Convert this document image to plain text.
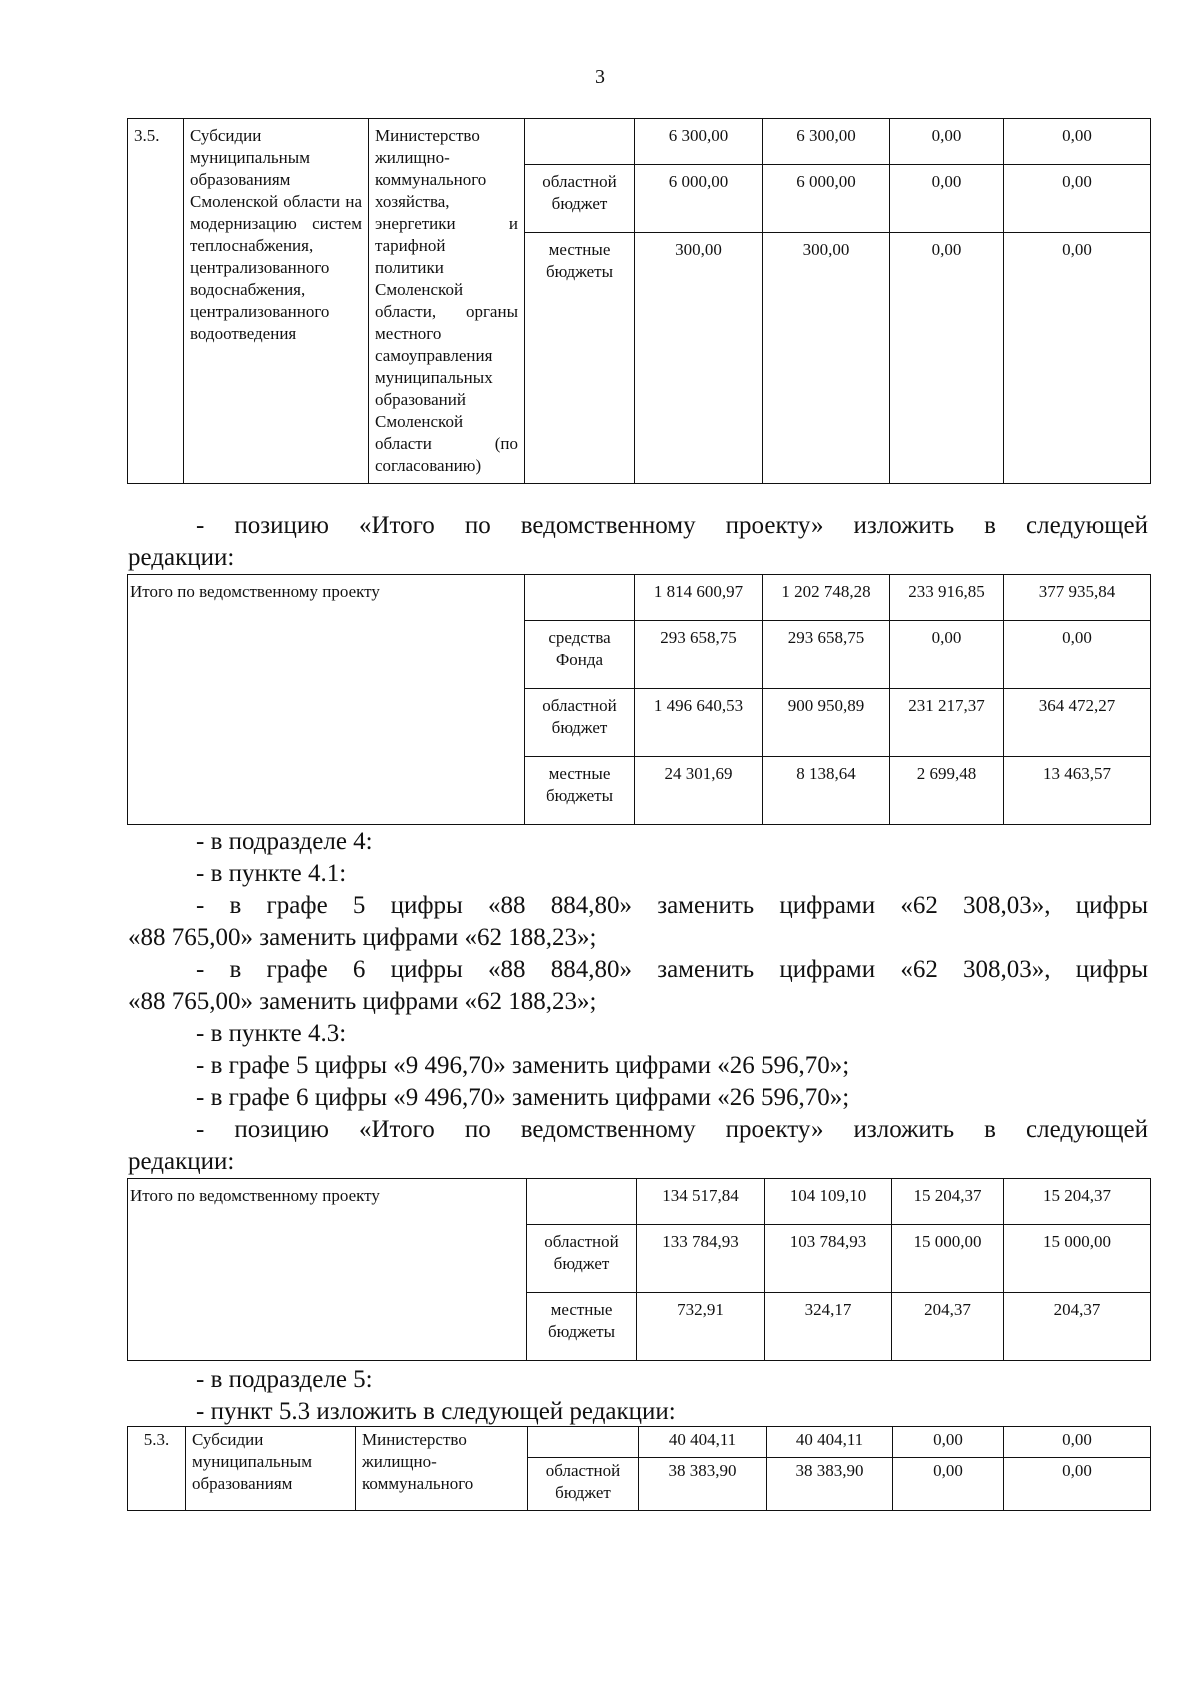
3
3.5.	Субсидии муниципальным образованиям Смоленской области на модернизацию систем теплоснабжения, централизованного водоснабжения, централизованного водоотведения	Министерство жилищно-коммунального хозяйства, энергетики и тарифной политики Смоленской области, органы местного самоуправления муниципальных образований Смоленской области (по согласованию)		6 300,00	6 300,00	0,00	0,00
			областной бюджет	6 000,00	6 000,00	0,00	0,00
			местные бюджеты	300,00	300,00	0,00	0,00
- позицию «Итого по ведомственному проекту» изложить в следующей
редакции:
Итого по ведомственному проекту		1 814 600,97	1 202 748,28	233 916,85	377 935,84
	средства Фонда	293 658,75	293 658,75	0,00	0,00
	областной бюджет	1 496 640,53	900 950,89	231 217,37	364 472,27
	местные бюджеты	24 301,69	8 138,64	2 699,48	13 463,57
- в подразделе 4:
- в пункте 4.1:
- в графе 5 цифры «88 884,80» заменить цифрами «62 308,03», цифры
«88 765,00» заменить цифрами «62 188,23»;
- в графе 6 цифры «88 884,80» заменить цифрами «62 308,03», цифры
«88 765,00» заменить цифрами «62 188,23»;
- в пункте 4.3:
- в графе 5 цифры «9 496,70» заменить цифрами «26 596,70»;
- в графе 6 цифры «9 496,70» заменить цифрами «26 596,70»;
- позицию «Итого по ведомственному проекту» изложить в следующей
редакции:
Итого по ведомственному проекту		134 517,84	104 109,10	15 204,37	15 204,37
	областной бюджет	133 784,93	103 784,93	15 000,00	15 000,00
	местные бюджеты	732,91	324,17	204,37	204,37
- в подразделе 5:
- пункт 5.3 изложить в следующей редакции:
5.3.	Субсидии муниципальным образованиям	Министерство жилищно-коммунального		40 404,11	40 404,11	0,00	0,00
			областной бюджет	38 383,90	38 383,90	0,00	0,00
